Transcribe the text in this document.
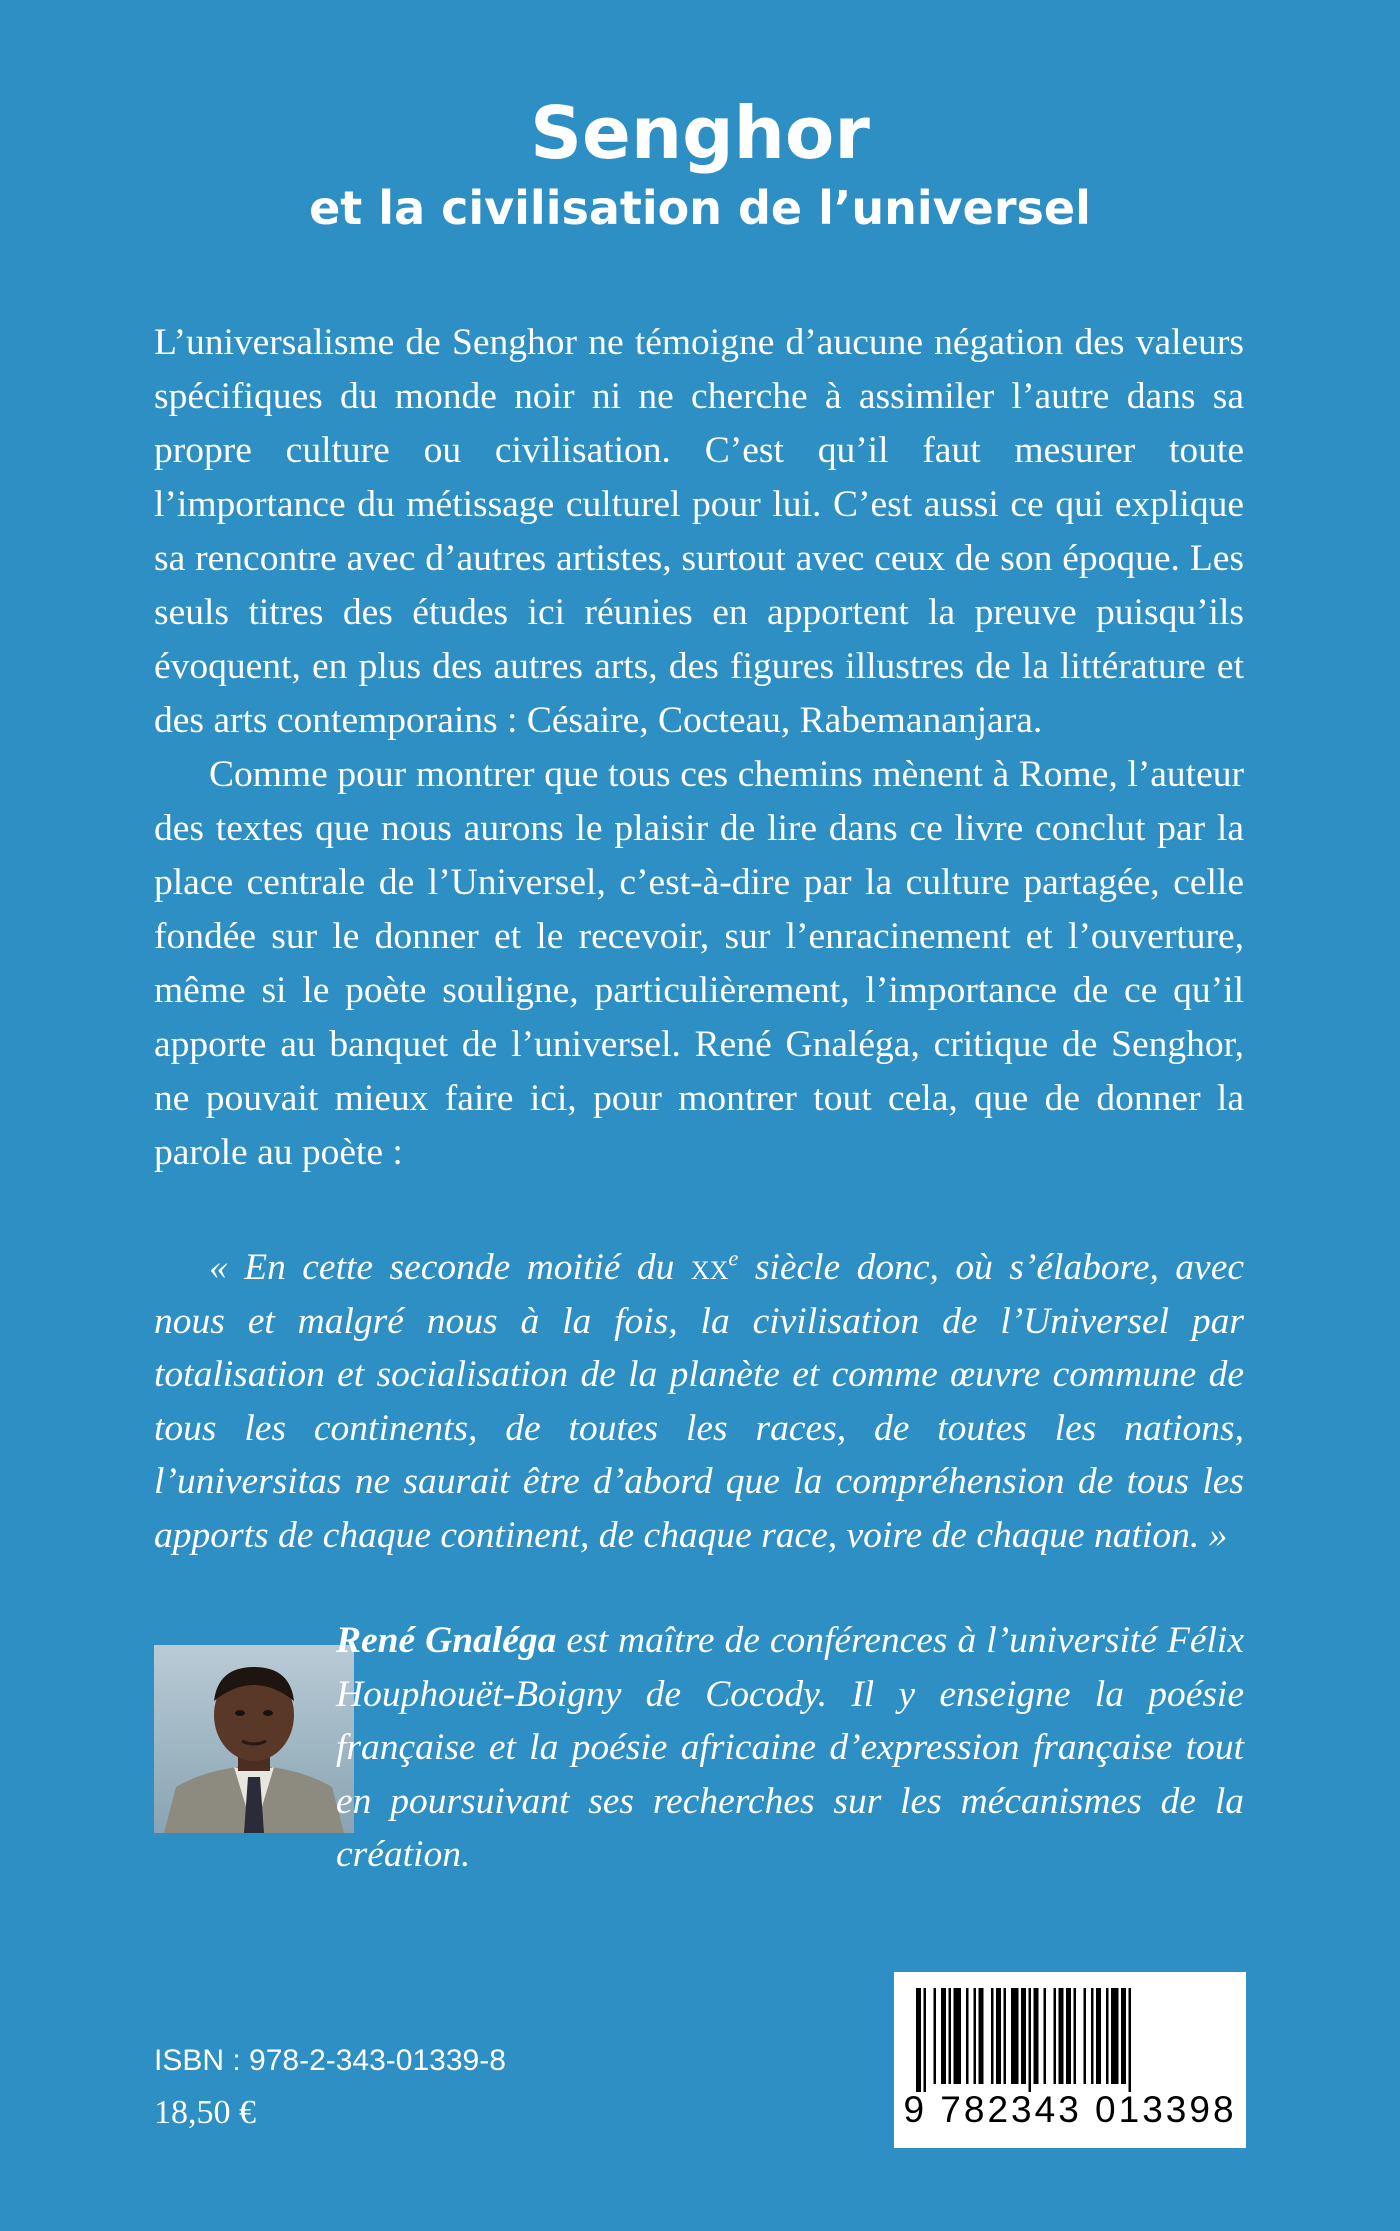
Senghor
et la civilisation de l’universel

L’universalisme de Senghor ne témoigne d’aucune négation des valeurs spécifiques du monde noir ni ne cherche à assimiler l’autre dans sa propre culture ou civilisation. C’est qu’il faut mesurer toute l’importance du métissage culturel pour lui. C’est aussi ce qui explique sa rencontre avec d’autres artistes, surtout avec ceux de son époque. Les seuls titres des études ici réunies en apportent la preuve puisqu’ils évoquent, en plus des autres arts, des figures illustres de la littérature et des arts contemporains : Césaire, Cocteau, Rabemananjara.

Comme pour montrer que tous ces chemins mènent à Rome, l’auteur des textes que nous aurons le plaisir de lire dans ce livre conclut par la place centrale de l’Universel, c’est-à-dire par la culture partagée, celle fondée sur le donner et le recevoir, sur l’enracinement et l’ouverture, même si le poète souligne, particulièrement, l’importance de ce qu’il apporte au banquet de l’universel. René Gnaléga, critique de Senghor, ne pouvait mieux faire ici, pour montrer tout cela, que de donner la parole au poète :

« En cette seconde moitié du $xx^e$ siècle donc, où s’élabore, avec nous et malgré nous à la fois, la civilisation de l’Universel par totalisation et socialisation de la planète et comme œuvre commune de tous les continents, de toutes les races, de toutes les nations, l’universitas ne saurait être d’abord que la compréhension de tous les apports de chaque continent, de chaque race, voire de chaque nation. »

René Gnaléga est maître de conférences à l’université Félix Houphouët-Boigny de Cocody. Il y enseigne la poésie française et la poésie africaine d’expression française tout en poursuivant ses recherches sur les mécanismes de la création.

ISBN : 978-2-343-01339-8
18,50 €	9 782343 013398
